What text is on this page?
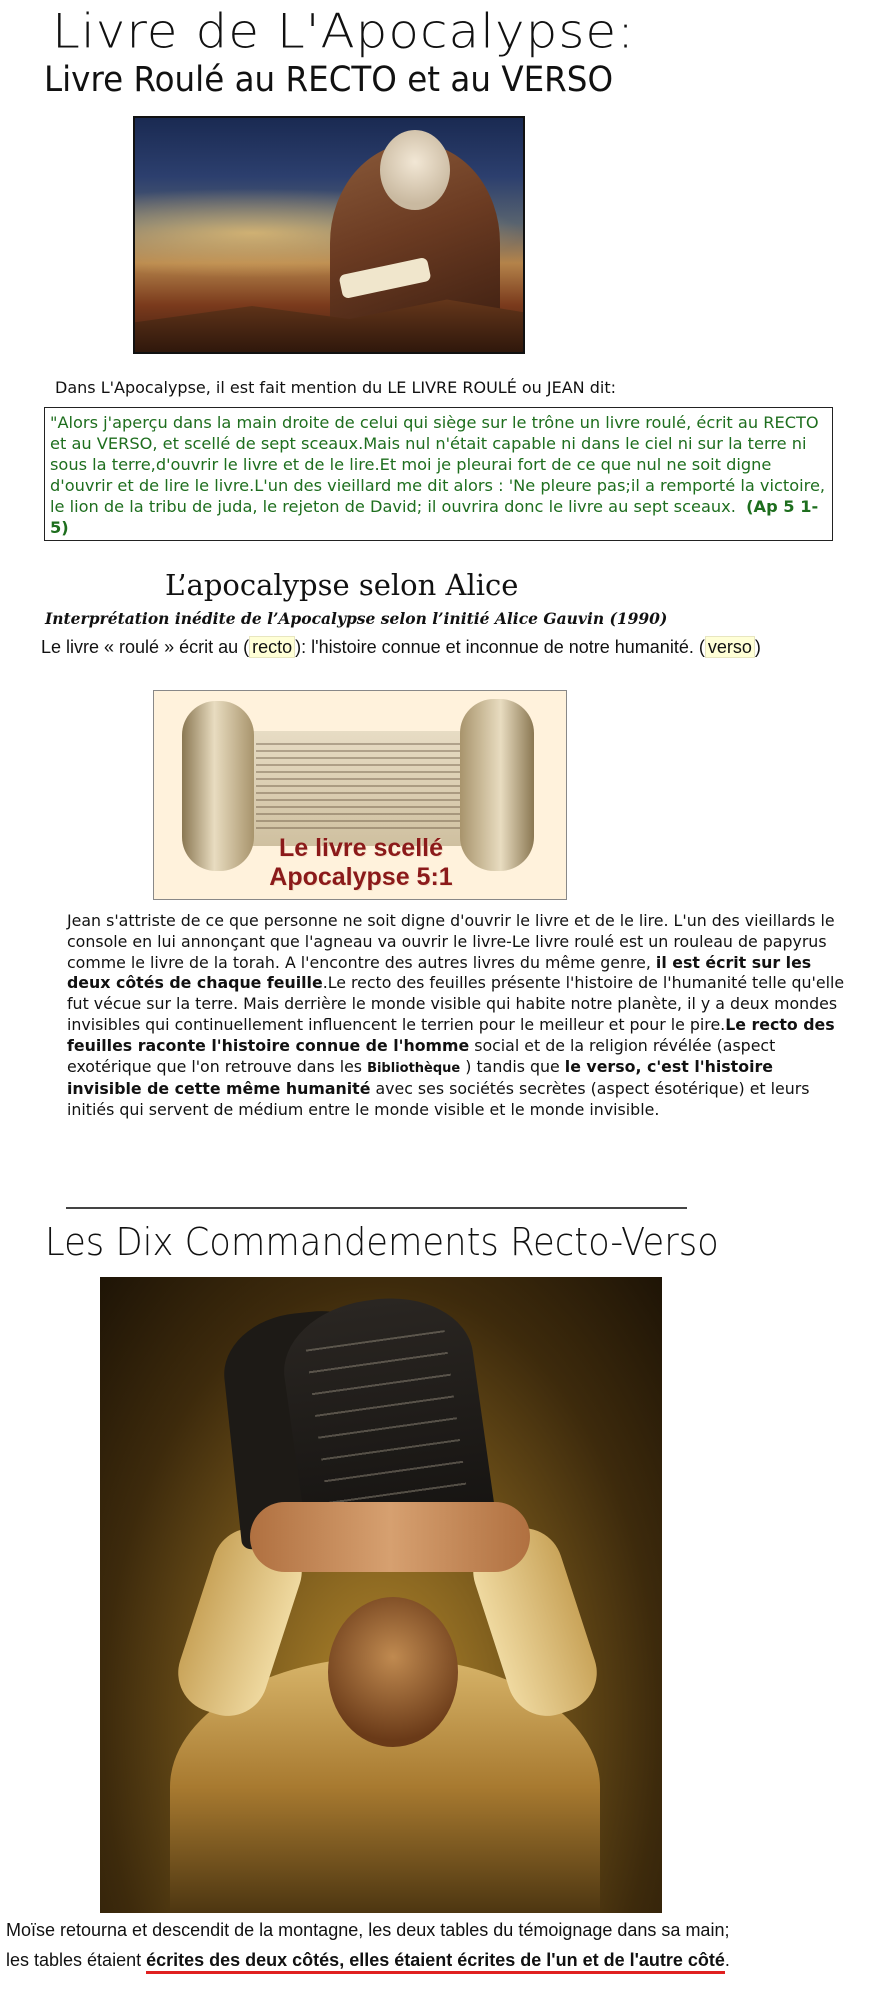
Livre de L'Apocalypse:
Livre Roulé au RECTO et au VERSO
Dans L'Apocalypse, il est fait mention du LE LIVRE ROULÉ ou JEAN dit:

"Alors j'aperçu dans la main droite de celui qui siège sur le trône un livre roulé, écrit au RECTO et au VERSO, et scellé de sept sceaux.Mais nul n'était capable ni dans le ciel ni sur la terre ni sous la terre,d'ouvrir le livre et de le lire.Et moi je pleurai fort de ce que nul ne soit digne d'ouvrir et de lire le livre.L'un des vieillard me dit alors : 'Ne pleure pas;il a remporté la victoire, le lion de la tribu de juda, le rejeton de David; il ouvrira donc le livre au sept sceaux. (Ap 5 1-5)

L’apocalypse selon Alice
Interprétation inédite de l’Apocalypse selon l’initié Alice Gauvin (1990)
Le livre « roulé » écrit au ( recto ): l'histoire connue et inconnue de notre humanité. ( verso )
Le livre scellé
Apocalypse 5:1

Jean s'attriste de ce que personne ne soit digne d'ouvrir le livre et de le lire. L'un des vieillards le console en lui annonçant que l'agneau va ouvrir le livre-Le livre roulé est un rouleau de papyrus comme le livre de la torah. A l'encontre des autres livres du même genre, il est écrit sur les deux côtés de chaque feuille.Le recto des feuilles présente l'histoire de l'humanité telle qu'elle fut vécue sur la terre. Mais derrière le monde visible qui habite notre planète, il y a deux mondes invisibles qui continuellement influencent le terrien pour le meilleur et pour le pire.Le recto des feuilles raconte l'histoire connue de l'homme social et de la religion révélée (aspect exotérique que l'on retrouve dans les Bibliothèque ) tandis que le verso, c'est l'histoire invisible de cette même humanité avec ses sociétés secrètes (aspect ésotérique) et leurs initiés qui servent de médium entre le monde visible et le monde invisible.

Les Dix Commandements Recto-Verso
Moïse retourna et descendit de la montagne, les deux tables du témoignage dans sa main;
les tables étaient écrites des deux côtés, elles étaient écrites de l'un et de l'autre côté.
